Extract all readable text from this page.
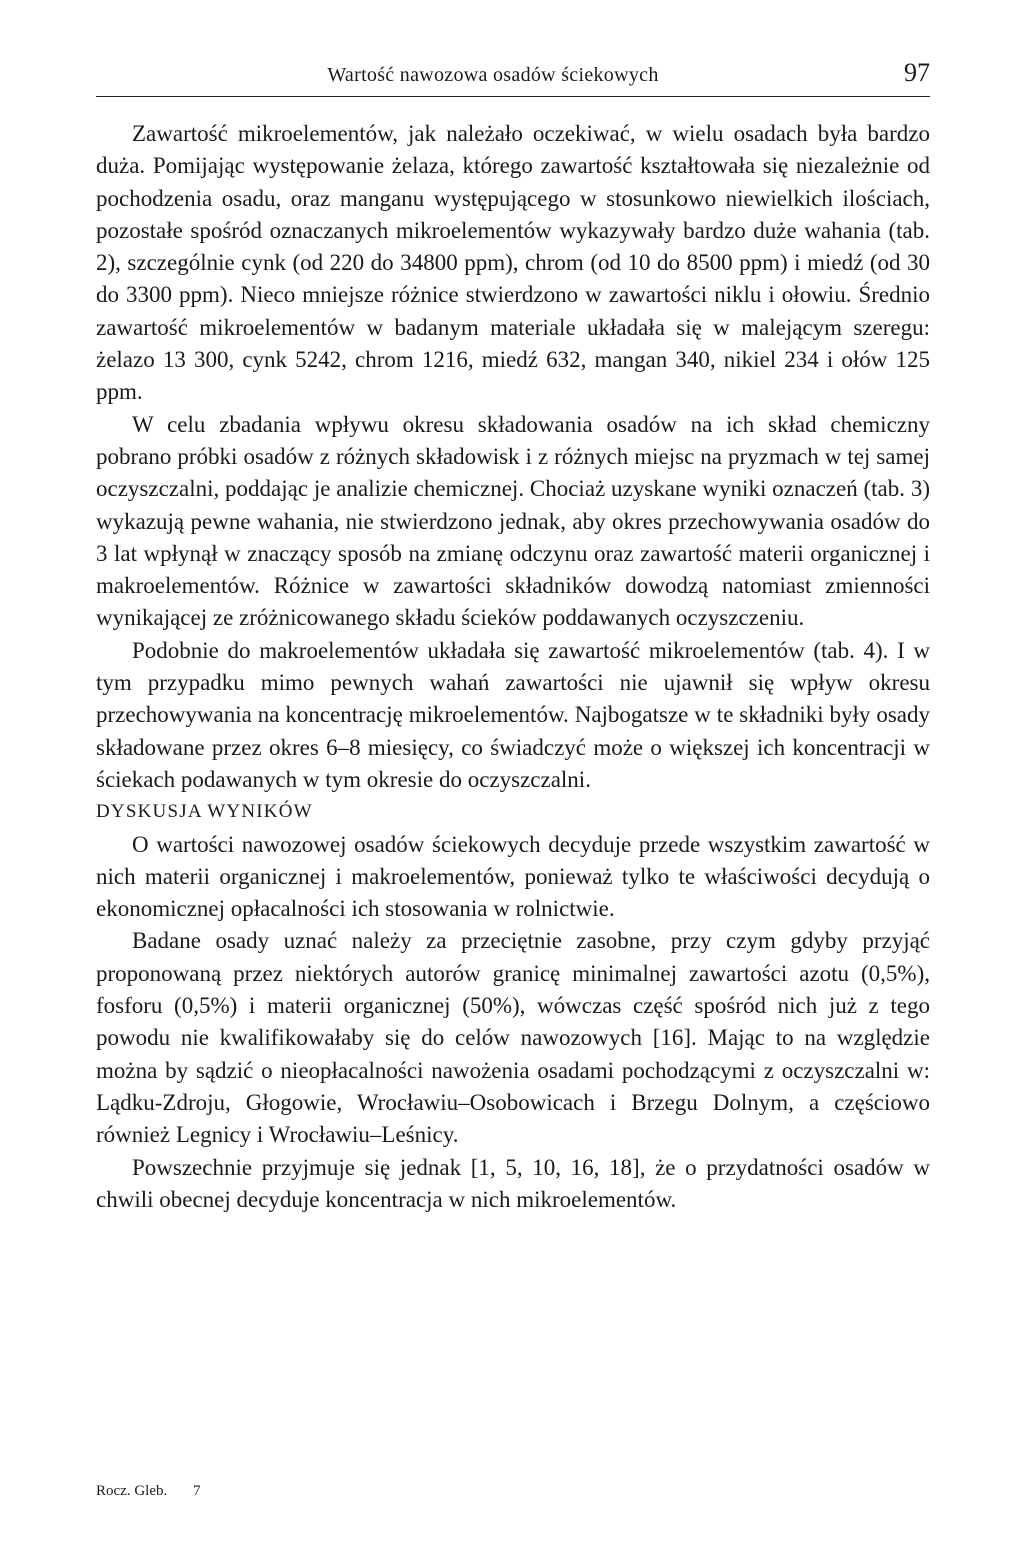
Wartość nawozowa osadów ściekowych	97

Zawartość mikroelementów, jak należało oczekiwać, w wielu osadach była bardzo duża. Pomijając występowanie żelaza, którego zawartość kształtowała się niezależnie od pochodzenia osadu, oraz manganu występującego w stosunkowo niewielkich ilościach, pozostałe spośród oznaczanych mikroelementów wykazywały bardzo duże wahania (tab. 2), szczególnie cynk (od 220 do 34800 ppm), chrom (od 10 do 8500 ppm) i miedź (od 30 do 3300 ppm). Nieco mniejsze różnice stwierdzono w zawartości niklu i ołowiu. Średnio zawartość mikroelementów w badanym materiale układała się w malejącym szeregu: żelazo 13 300, cynk 5242, chrom 1216, miedź 632, mangan 340, nikiel 234 i ołów 125 ppm.

W celu zbadania wpływu okresu składowania osadów na ich skład chemiczny pobrano próbki osadów z różnych składowisk i z różnych miejsc na pryzmach w tej samej oczyszczalni, poddając je analizie chemicznej. Chociaż uzyskane wyniki oznaczeń (tab. 3) wykazują pewne wahania, nie stwierdzono jednak, aby okres przechowywania osadów do 3 lat wpłynął w znaczący sposób na zmianę odczynu oraz zawartość materii organicznej i makroelementów. Różnice w zawartości składników dowodzą natomiast zmienności wynikającej ze zróżnicowanego składu ścieków poddawanych oczyszczeniu.

Podobnie do makroelementów układała się zawartość mikroelementów (tab. 4). I w tym przypadku mimo pewnych wahań zawartości nie ujawnił się wpływ okresu przechowywania na koncentrację mikroelementów. Najbogatsze w te składniki były osady składowane przez okres 6–8 miesięcy, co świadczyć może o większej ich koncentracji w ściekach podawanych w tym okresie do oczyszczalni.

DYSKUSJA WYNIKÓW

O wartości nawozowej osadów ściekowych decyduje przede wszystkim zawartość w nich materii organicznej i makroelementów, ponieważ tylko te właściwości decydują o ekonomicznej opłacalności ich stosowania w rolnictwie.

Badane osady uznać należy za przeciętnie zasobne, przy czym gdyby przyjąć proponowaną przez niektórych autorów granicę minimalnej zawartości azotu (0,5%), fosforu (0,5%) i materii organicznej (50%), wówczas część spośród nich już z tego powodu nie kwalifikowałaby się do celów nawozowych [16]. Mając to na względzie można by sądzić o nieopłacalności nawożenia osadami pochodzącymi z oczyszczalni w: Lądku-Zdroju, Głogowie, Wrocławiu–Osobowicach i Brzegu Dolnym, a częściowo również Legnicy i Wrocławiu–Leśnicy.

Powszechnie przyjmuje się jednak [1, 5, 10, 16, 18], że o przydatności osadów w chwili obecnej decyduje koncentracja w nich mikroelementów.

Rocz. Gleb. 7
